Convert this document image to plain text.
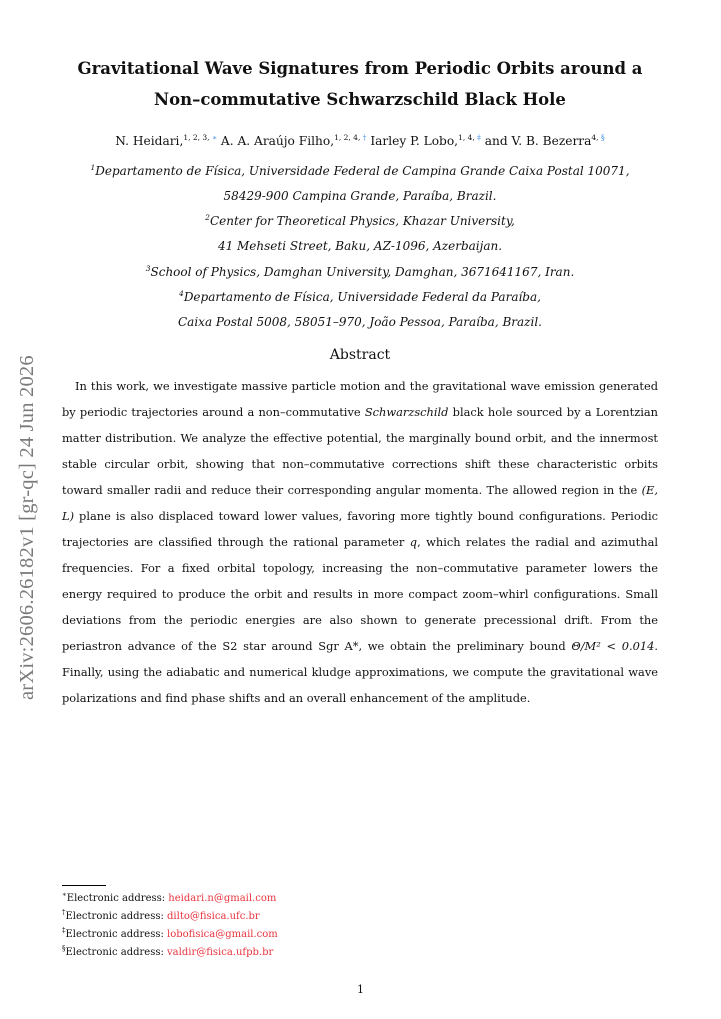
arXiv:2606.26182v1 [gr-qc] 24 Jun 2026
Gravitational Wave Signatures from Periodic Orbits around a
Non–commutative Schwarzschild Black Hole
N. Heidari,$^{1, 2, 3,}$ ∗ A. A. Araújo Filho,$^{1, 2, 4,}$ † Iarley P. Lobo,$^{1, 4,}$ ‡ and V. B. Bezerra$^{4,}$ §
$^1$Departamento de Física, Universidade Federal de Campina Grande Caixa Postal 10071,
58429-900 Campina Grande, Paraíba, Brazil.
$^2$Center for Theoretical Physics, Khazar University,
41 Mehseti Street, Baku, AZ-1096, Azerbaijan.
$^3$School of Physics, Damghan University, Damghan, 3671641167, Iran.
$^4$Departamento de Física, Universidade Federal da Paraíba,
Caixa Postal 5008, 58051–970, João Pessoa, Paraíba, Brazil.
Abstract
In this work, we investigate massive particle motion and the gravitational wave emission generated by periodic trajectories around a non–commutative Schwarzschild black hole sourced by a Lorentzian matter distribution. We analyze the effective potential, the marginally bound orbit, and the innermost stable circular orbit, showing that non–commutative corrections shift these characteristic orbits toward smaller radii and reduce their corresponding angular momenta. The allowed region in the (E, L) plane is also displaced toward lower values, favoring more tightly bound configurations. Periodic trajectories are classified through the rational parameter q, which relates the radial and azimuthal frequencies. For a fixed orbital topology, increasing the non–commutative parameter lowers the energy required to produce the orbit and results in more compact zoom–whirl configurations. Small deviations from the periodic energies are also shown to generate precessional drift. From the periastron advance of the S2 star around Sgr A*, we obtain the preliminary bound Θ/M² < 0.014. Finally, using the adiabatic and numerical kludge approximations, we compute the gravitational wave polarizations and find phase shifts and an overall enhancement of the amplitude.
∗Electronic address: heidari.n@gmail.com
†Electronic address: dilto@fisica.ufc.br
‡Electronic address: lobofisica@gmail.com
§Electronic address: valdir@fisica.ufpb.br
1
